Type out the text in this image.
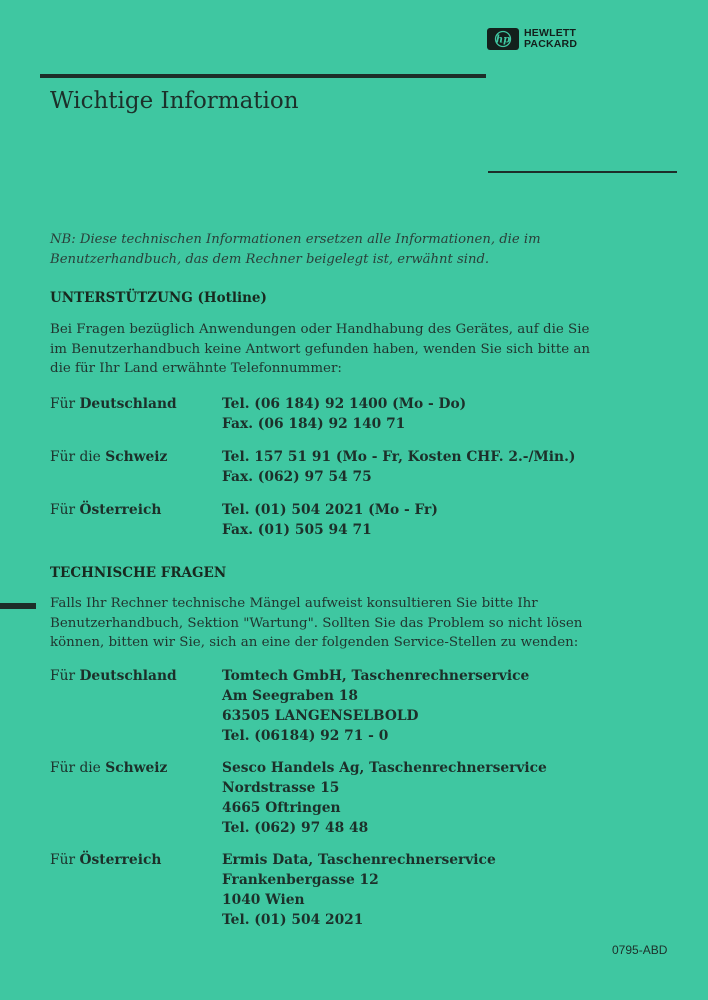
hp
HEWLETT
PACKARD
Wichtige Information
NB: Diese technischen Informationen ersetzen alle Informationen, die im
Benutzerhandbuch, das dem Rechner beigelegt ist, erwähnt sind.
UNTERSTÜTZUNG (Hotline)
Bei Fragen bezüglich Anwendungen oder Handhabung des Gerätes, auf die Sie
im Benutzerhandbuch keine Antwort gefunden haben, wenden Sie sich bitte an
die für Ihr Land erwähnte Telefonnummer:
Für Deutschland	Tel. (06 184) 92 1400 (Mo - Do)
Fax. (06 184) 92 140 71
Für die Schweiz	Tel. 157 51 91 (Mo - Fr, Kosten CHF. 2.-/Min.)
Fax. (062) 97 54 75
Für Österreich	Tel. (01) 504 2021 (Mo - Fr)
Fax. (01) 505 94 71
TECHNISCHE FRAGEN
Falls Ihr Rechner technische Mängel aufweist konsultieren Sie bitte Ihr
Benutzerhandbuch, Sektion "Wartung". Sollten Sie das Problem so nicht lösen
können, bitten wir Sie, sich an eine der folgenden Service-Stellen zu wenden:
Für Deutschland	Tomtech GmbH, Taschenrechnerservice
Am Seegraben 18
63505 LANGENSELBOLD
Tel. (06184) 92 71 - 0
Für die Schweiz	Sesco Handels Ag, Taschenrechnerservice
Nordstrasse 15
4665 Oftringen
Tel. (062) 97 48 48
Für Österreich	Ermis Data, Taschenrechnerservice
Frankenbergasse 12
1040 Wien
Tel. (01) 504 2021
0795-ABD
